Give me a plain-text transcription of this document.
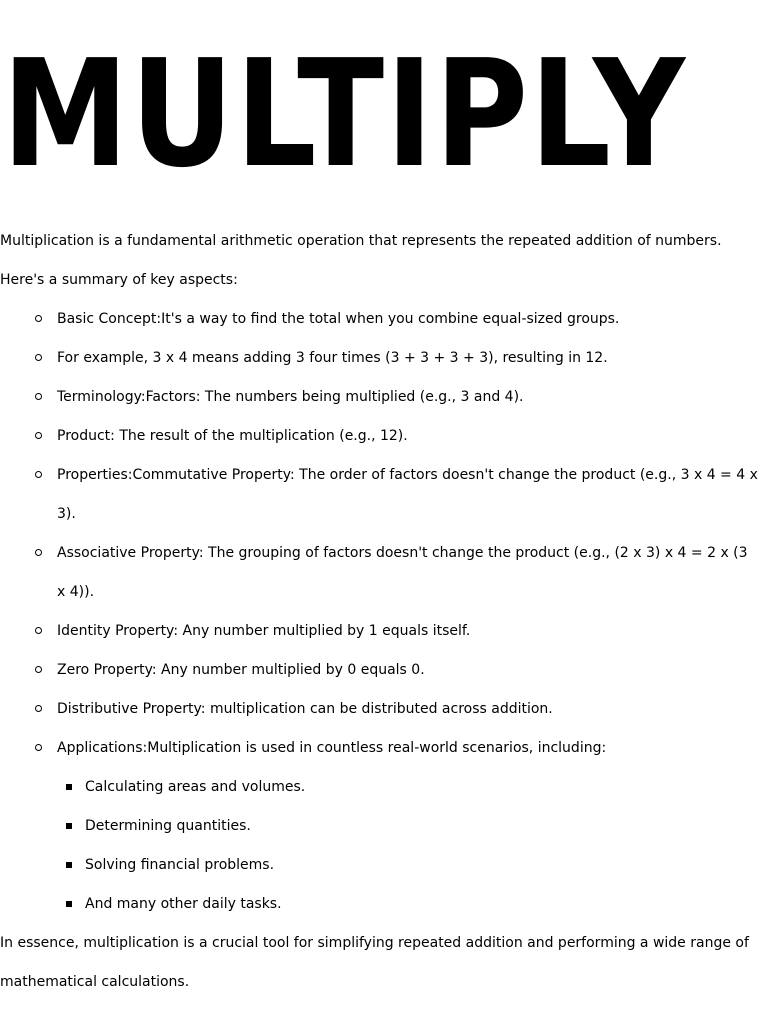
MULTIPLY

Multiplication is a fundamental arithmetic operation that represents the repeated addition of numbers.

Here's a summary of key aspects:

Basic Concept:It's a way to find the total when you combine equal-sized groups.
For example, 3 x 4 means adding 3 four times (3 + 3 + 3 + 3), resulting in 12.
Terminology:Factors: The numbers being multiplied (e.g., 3 and 4).
Product: The result of the multiplication (e.g., 12).
Properties:Commutative Property: The order of factors doesn't change the product (e.g., 3 x 4 = 4 x 3).
Associative Property: The grouping of factors doesn't change the product (e.g., (2 x 3) x 4 = 2 x (3 x 4)).
Identity Property: Any number multiplied by 1 equals itself.
Zero Property: Any number multiplied by 0 equals 0.
Distributive Property: multiplication can be distributed across addition.
Applications:Multiplication is used in countless real-world scenarios, including:
Calculating areas and volumes.
Determining quantities.
Solving financial problems.
And many other daily tasks.

In essence, multiplication is a crucial tool for simplifying repeated addition and performing a wide range of mathematical calculations.
